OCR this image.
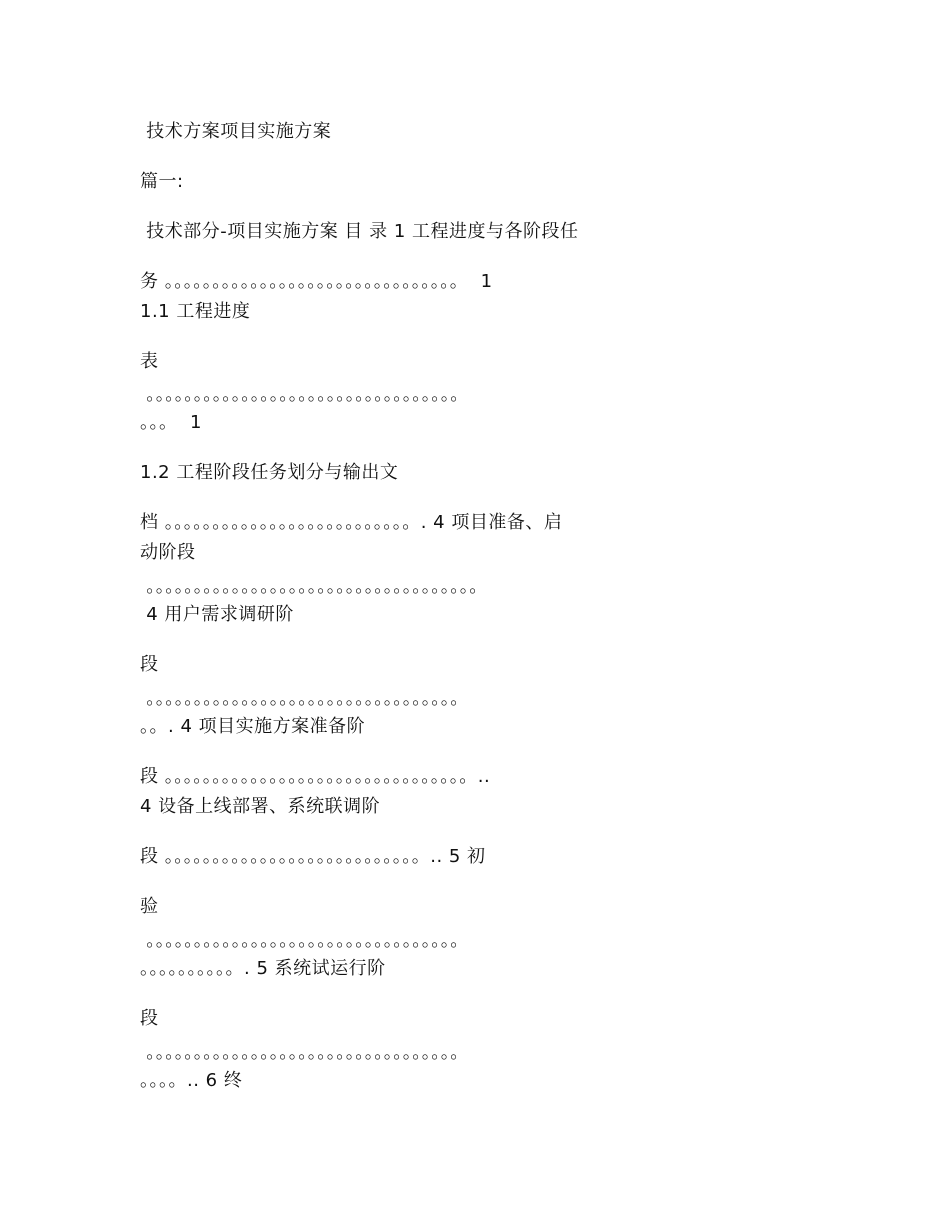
技术方案项目实施方案
篇一:
技术部分-项目实施方案 目 录 1 工程进度与各阶段任
务 。。。。。。。。。。。。。。。。。。。。。。。。。。。。。。。  1
1.1 工程进度
表
。。。。。。。。。。。。。。。。。。。。。。。。。。。。。。。。。
。。。  1
1.2 工程阶段任务划分与输出文
档 。。。。。。。。。。。。。。。。。。。。。。。。。。. 4 项目准备、启
动阶段
。。。。。。。。。。。。。。。。。。。。。。。。。。。。。。。。。。。
4 用户需求调研阶
段
。。。。。。。。。。。。。。。。。。。。。。。。。。。。。。。。。
。。. 4 项目实施方案准备阶
段 。。。。。。。。。。。。。。。。。。。。。。。。。。。。。。。。..
4 设备上线部署、系统联调阶
段 。。。。。。。。。。。。。。。。。。。。。。。。。。。.. 5 初
验
。。。。。。。。。。。。。。。。。。。。。。。。。。。。。。。。。
。。。。。。。。。。. 5 系统试运行阶
段
。。。。。。。。。。。。。。。。。。。。。。。。。。。。。。。。。
。。。。.. 6 终
